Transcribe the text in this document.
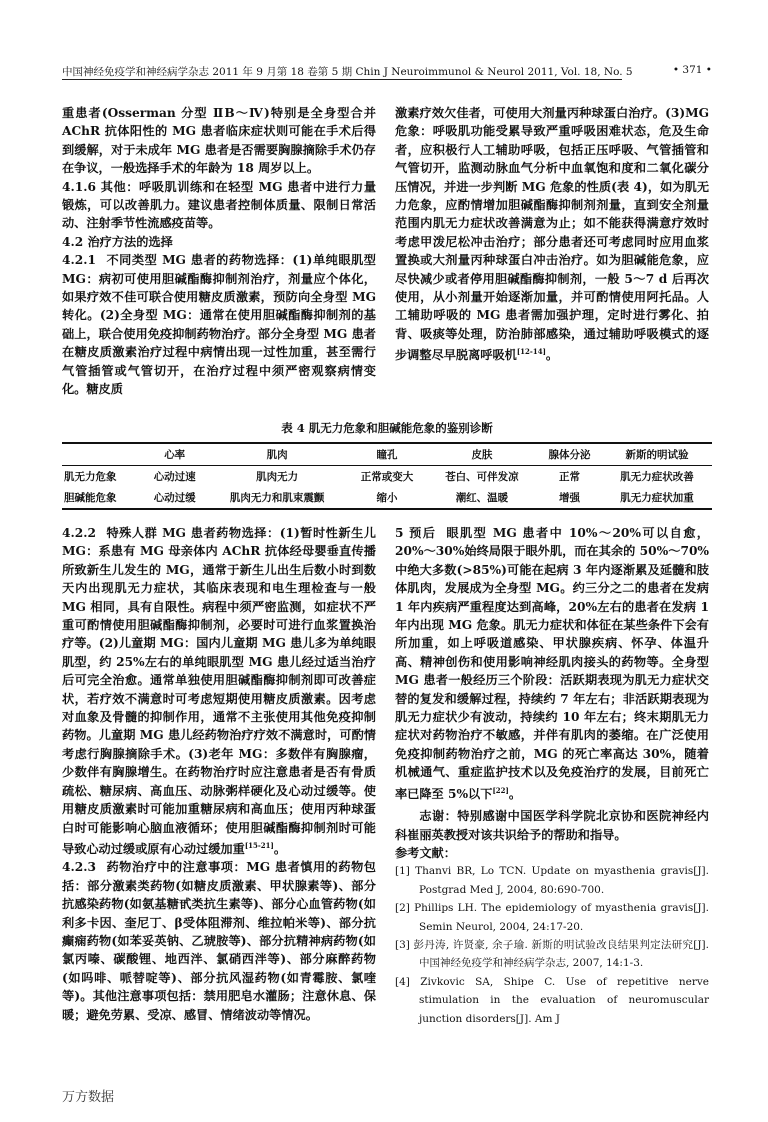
中国神经免疫学和神经病学杂志 2011 年 9 月第 18 卷第 5 期 Chin J Neuroimmunol & Neurol 2011, Vol. 18, No. 5	• 371 •

重患者(Osserman 分型 ⅡB～Ⅳ)特别是全身型合并 AChR 抗体阳性的 MG 患者临床症状则可能在手术后得到缓解，对于未成年 MG 患者是否需要胸腺摘除手术仍存在争议，一般选择手术的年龄为 18 周岁以上。

4.1.6 其他：呼吸肌训练和在轻型 MG 患者中进行力量锻炼，可以改善肌力。建议患者控制体质量、限制日常活动、注射季节性流感疫苗等。

4.2 治疗方法的选择

4.2.1 不同类型 MG 患者的药物选择：(1)单纯眼肌型 MG：病初可使用胆碱酯酶抑制剂治疗，剂量应个体化，如果疗效不佳可联合使用糖皮质激素，预防向全身型 MG 转化。(2)全身型 MG：通常在使用胆碱酯酶抑制剂的基础上，联合使用免疫抑制药物治疗。部分全身型 MG 患者在糖皮质激素治疗过程中病情出现一过性加重，甚至需行气管插管或气管切开，在治疗过程中须严密观察病情变化。糖皮质

激素疗效欠佳者，可使用大剂量丙种球蛋白治疗。(3)MG 危象：呼吸肌功能受累导致严重呼吸困难状态，危及生命者，应积极行人工辅助呼吸，包括正压呼吸、气管插管和气管切开，监测动脉血气分析中血氧饱和度和二氧化碳分压情况，并进一步判断 MG 危象的性质(表 4)，如为肌无力危象，应酌情增加胆碱酯酶抑制剂剂量，直到安全剂量范围内肌无力症状改善满意为止；如不能获得满意疗效时考虑甲泼尼松冲击治疗；部分患者还可考虑同时应用血浆置换或大剂量丙种球蛋白冲击治疗。如为胆碱能危象，应尽快减少或者停用胆碱酯酶抑制剂，一般 5～7 d 后再次使用，从小剂量开始逐渐加量，并可酌情使用阿托品。人工辅助呼吸的 MG 患者需加强护理，定时进行雾化、拍背、吸痰等处理，防治肺部感染，通过辅助呼吸模式的逐步调整尽早脱离呼吸机[12-14]。

表 4 肌无力危象和胆碱能危象的鉴别诊断
	心率	肌肉	瞳孔	皮肤	腺体分泌	新斯的明试验
肌无力危象	心动过速	肌肉无力	正常或变大	苍白、可伴发凉	正常	肌无力症状改善
胆碱能危象	心动过缓	肌肉无力和肌束震颤	缩小	潮红、温暖	增强	肌无力症状加重

4.2.2 特殊人群 MG 患者药物选择：(1)暂时性新生儿 MG：系患有 MG 母亲体内 AChR 抗体经母婴垂直传播所致新生儿发生的 MG，通常于新生儿出生后数小时到数天内出现肌无力症状，其临床表现和电生理检查与一般 MG 相同，具有自限性。病程中须严密监测，如症状不严重可酌情使用胆碱酯酶抑制剂，必要时可进行血浆置换治疗等。(2)儿童期 MG：国内儿童期 MG 患儿多为单纯眼肌型，约 25%左右的单纯眼肌型 MG 患儿经过适当治疗后可完全治愈。通常单独使用胆碱酯酶抑制剂即可改善症状，若疗效不满意时可考虑短期使用糖皮质激素。因考虑对血象及骨髓的抑制作用，通常不主张使用其他免疫抑制药物。儿童期 MG 患儿经药物治疗疗效不满意时，可酌情考虑行胸腺摘除手术。(3)老年 MG：多数伴有胸腺瘤，少数伴有胸腺增生。在药物治疗时应注意患者是否有骨质疏松、糖尿病、高血压、动脉粥样硬化及心动过缓等。使用糖皮质激素时可能加重糖尿病和高血压；使用丙种球蛋白时可能影响心脑血液循环；使用胆碱酯酶抑制剂时可能导致心动过缓或原有心动过缓加重[15-21]。

4.2.3 药物治疗中的注意事项：MG 患者慎用的药物包括：部分激素类药物(如糖皮质激素、甲状腺素等)、部分抗感染药物(如氨基糖甙类抗生素等)、部分心血管药物(如利多卡因、奎尼丁、β受体阻滞剂、维拉帕米等)、部分抗癫痫药物(如苯妥英钠、乙琥胺等)、部分抗精神病药物(如氯丙嗪、碳酸锂、地西泮、氯硝西泮等)、部分麻醉药物(如吗啡、哌替啶等)、部分抗风湿药物(如青霉胺、氯喹等)。其他注意事项包括：禁用肥皂水灌肠；注意休息、保暖；避免劳累、受凉、感冒、情绪波动等情况。

5 预后 眼肌型 MG 患者中 10%～20%可以自愈，20%～30%始终局限于眼外肌，而在其余的 50%～70%中绝大多数(>85%)可能在起病 3 年内逐渐累及延髓和肢体肌肉，发展成为全身型 MG。约三分之二的患者在发病 1 年内疾病严重程度达到高峰，20%左右的患者在发病 1 年内出现 MG 危象。肌无力症状和体征在某些条件下会有所加重，如上呼吸道感染、甲状腺疾病、怀孕、体温升高、精神创伤和使用影响神经肌肉接头的药物等。全身型 MG 患者一般经历三个阶段：活跃期表现为肌无力症状交替的复发和缓解过程，持续约 7 年左右；非活跃期表现为肌无力症状少有波动，持续约 10 年左右；终末期肌无力症状对药物治疗不敏感，并伴有肌肉的萎缩。在广泛使用免疫抑制药物治疗之前，MG 的死亡率高达 30%，随着机械通气、重症监护技术以及免疫治疗的发展，目前死亡率已降至 5%以下[22]。

志谢：特别感谢中国医学科学院北京协和医院神经内科崔丽英教授对该共识给予的帮助和指导。

参考文献：

[1] Thanvi BR, Lo TCN. Update on myasthenia gravis[J]. Postgrad Med J, 2004, 80:690-700.

[2] Phillips LH. The epidemiology of myasthenia gravis[J]. Semin Neurol, 2004, 24:17-20.

[3] 彭丹涛, 许贤豪, 余子瑜. 新斯的明试验改良结果判定法研究[J]. 中国神经免疫学和神经病学杂志, 2007, 14:1-3.

[4] Zivkovic SA, Shipe C. Use of repetitive nerve stimulation in the evaluation of neuromuscular junction disorders[J]. Am J

万方数据
